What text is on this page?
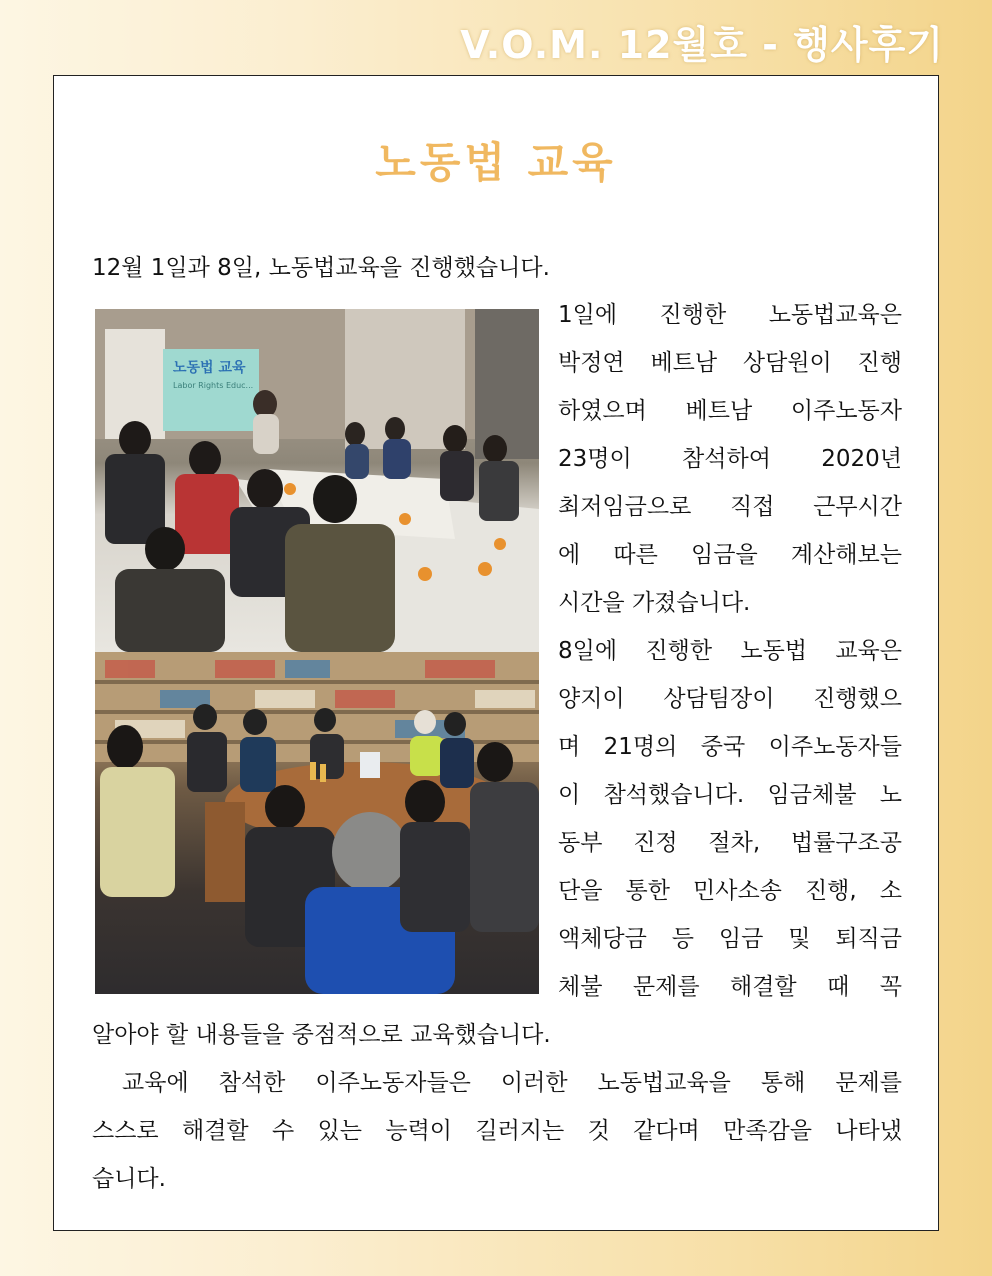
V.O.M. 12월호 - 행사후기
노동법 교육
12월 1일과 8일, 노동법교육을 진행했습니다.
노동법 교육
Labor Rights Educ...
1일에 진행한 노동법교육은
박정연 베트남 상담원이 진행
하였으며 베트남 이주노동자
23명이 참석하여 2020년
최저임금으로 직접 근무시간
에 따른 임금을 계산해보는
시간을 가졌습니다.
8일에 진행한 노동법 교육은
양지이 상담팀장이 진행했으
며 21명의 중국 이주노동자들
이 참석했습니다. 임금체불 노
동부 진정 절차, 법률구조공
단을 통한 민사소송 진행, 소
액체당금 등 임금 및 퇴직금
체불 문제를 해결할 때 꼭
알아야 할 내용들을 중점적으로 교육했습니다.
교육에 참석한 이주노동자들은 이러한 노동법교육을 통해 문제를
스스로 해결할 수 있는 능력이 길러지는 것 같다며 만족감을 나타냈
습니다.
